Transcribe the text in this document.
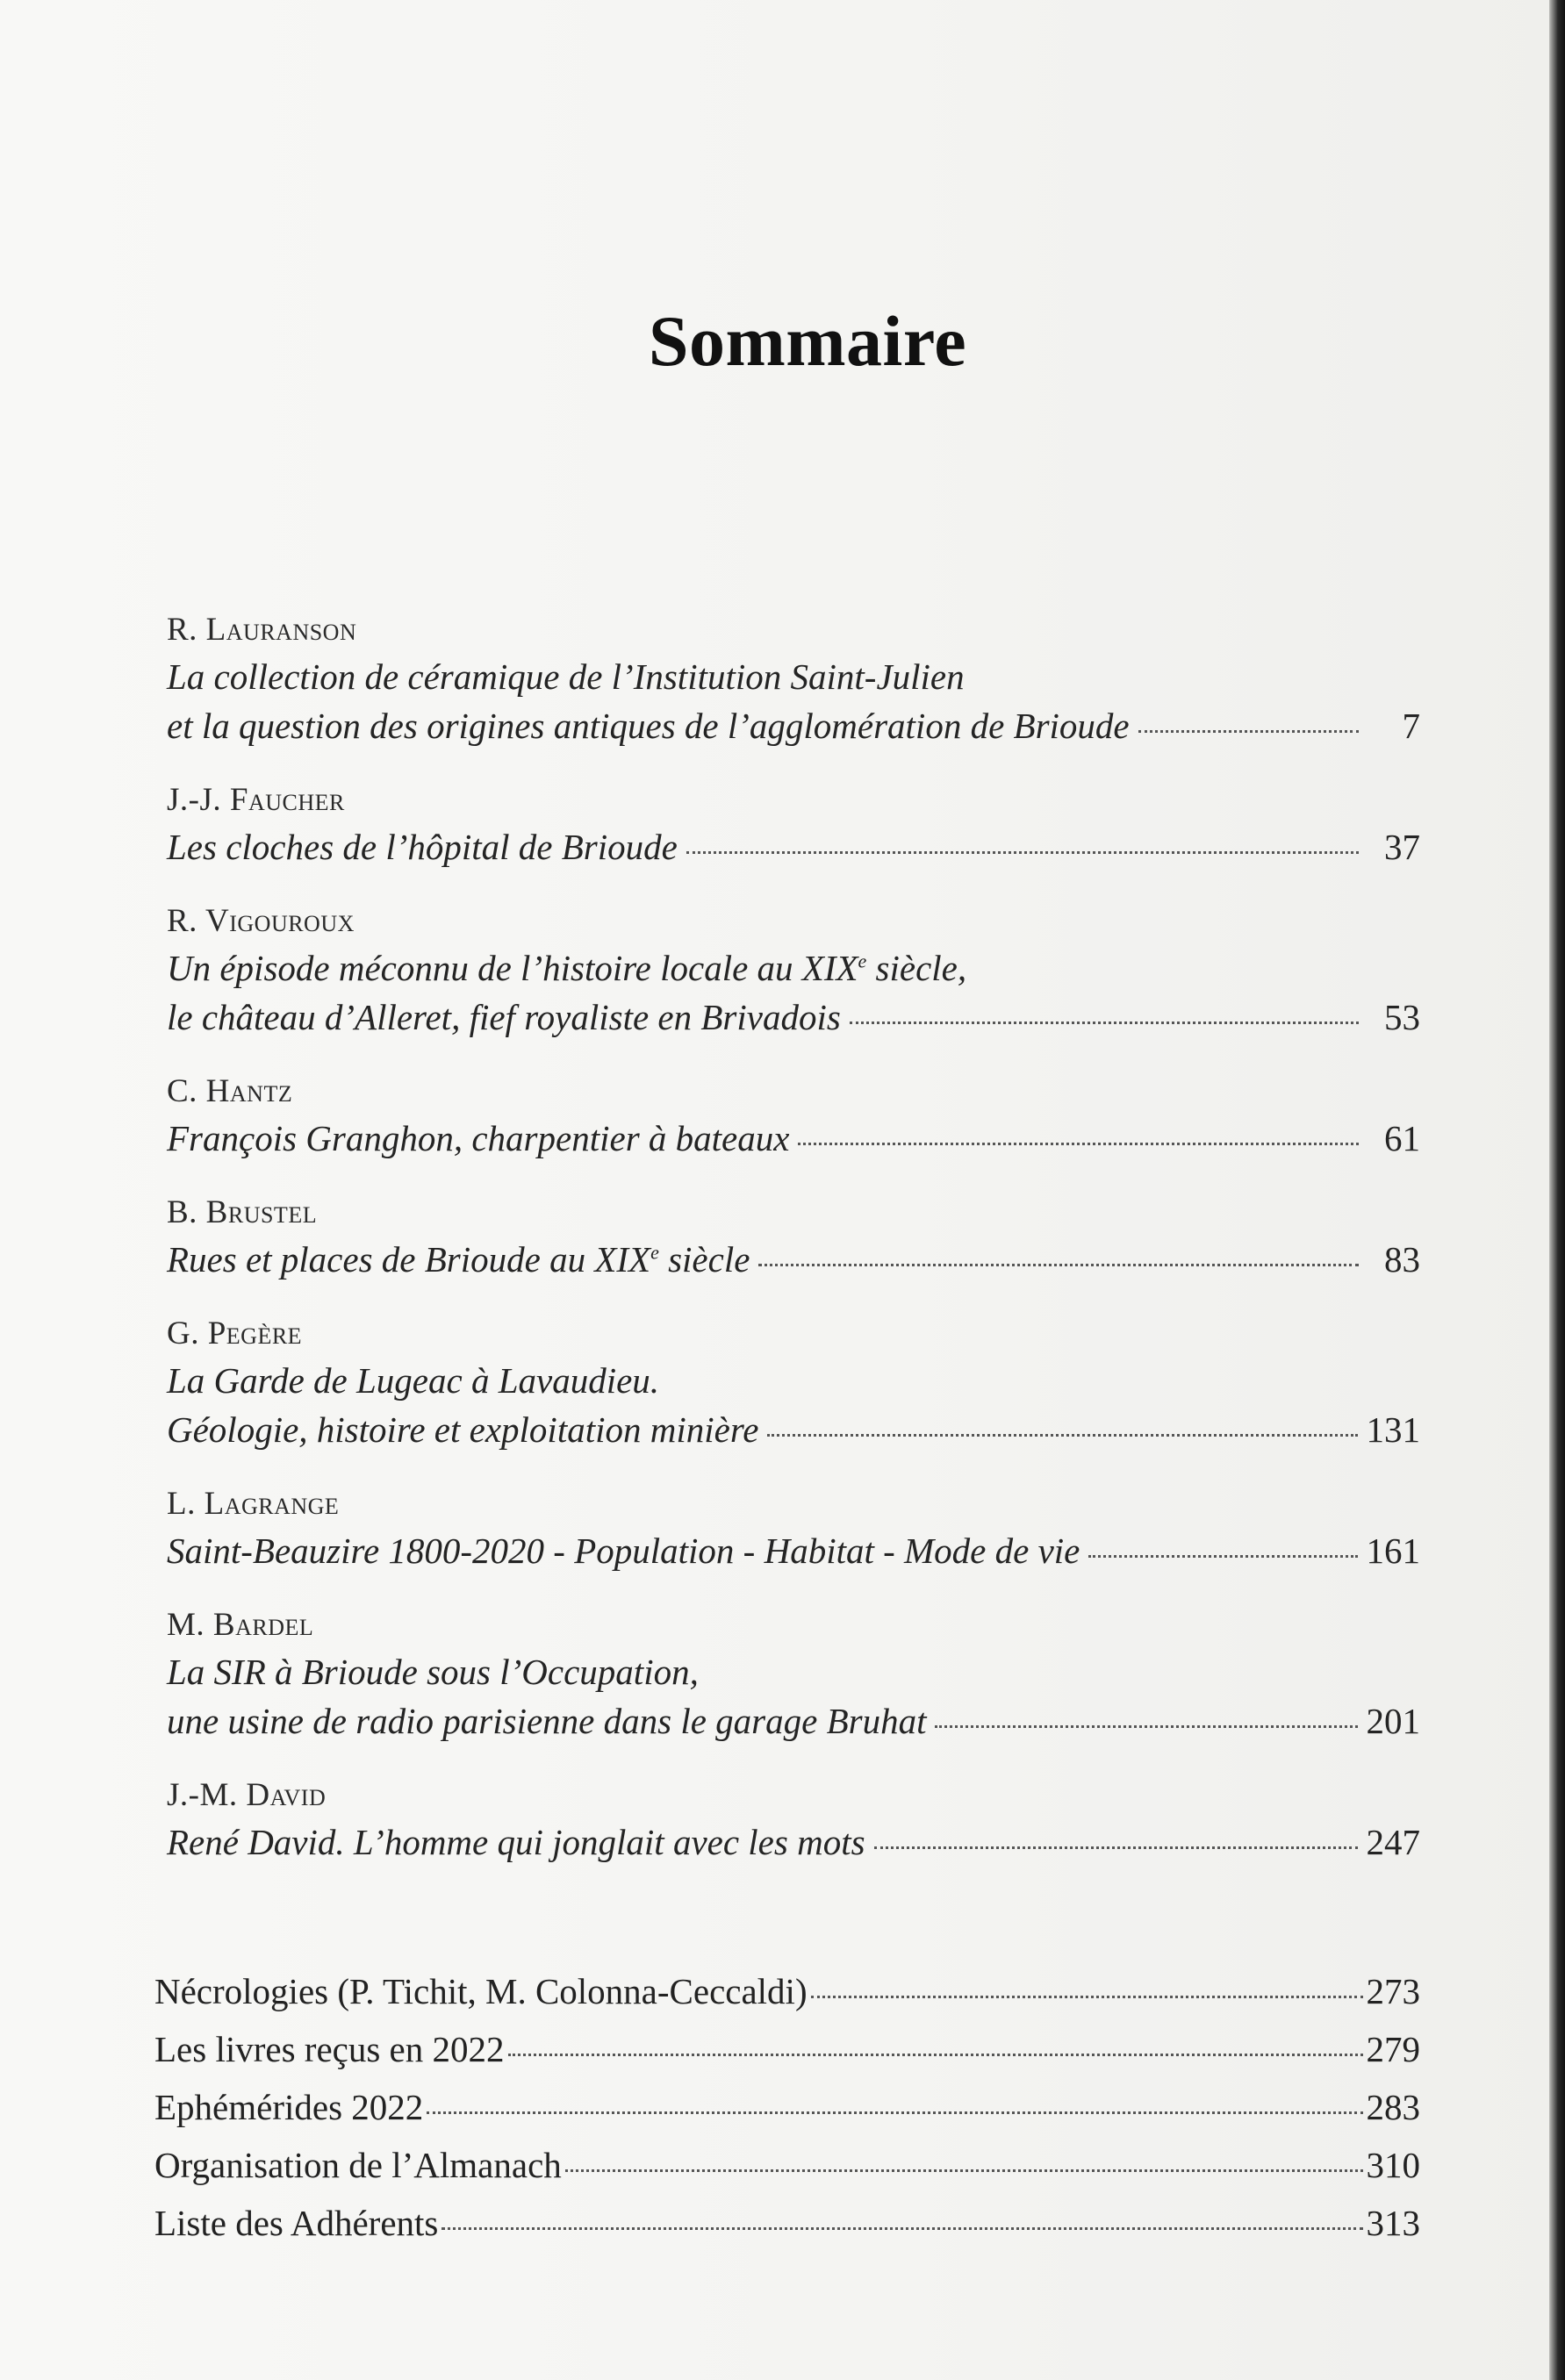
Sommaire
R. Lauranson
La collection de céramique de l’Institution Saint-Julien
et la question des origines antiques de l’agglomération de Brioude	7
J.-J. Faucher
Les cloches de l’hôpital de Brioude	37
R. Vigouroux
Un épisode méconnu de l’histoire locale au XIXe siècle,
le château d’Alleret, fief royaliste en Brivadois	53
C. Hantz
François Granghon, charpentier à bateaux	61
B. Brustel
Rues et places de Brioude au XIXe siècle	83
G. Pegère
La Garde de Lugeac à Lavaudieu.
Géologie, histoire et exploitation minière	131
L. Lagrange
Saint-Beauzire 1800-2020 - Population - Habitat - Mode de vie	161
M. Bardel
La SIR à Brioude sous l’Occupation,
une usine de radio parisienne dans le garage Bruhat	201
J.-M. David
René David. L’homme qui jonglait avec les mots	247
Nécrologies (P. Tichit, M. Colonna-Ceccaldi)	273
Les livres reçus en 2022	279
Ephémérides 2022	283
Organisation de l’Almanach	310
Liste des Adhérents	313
